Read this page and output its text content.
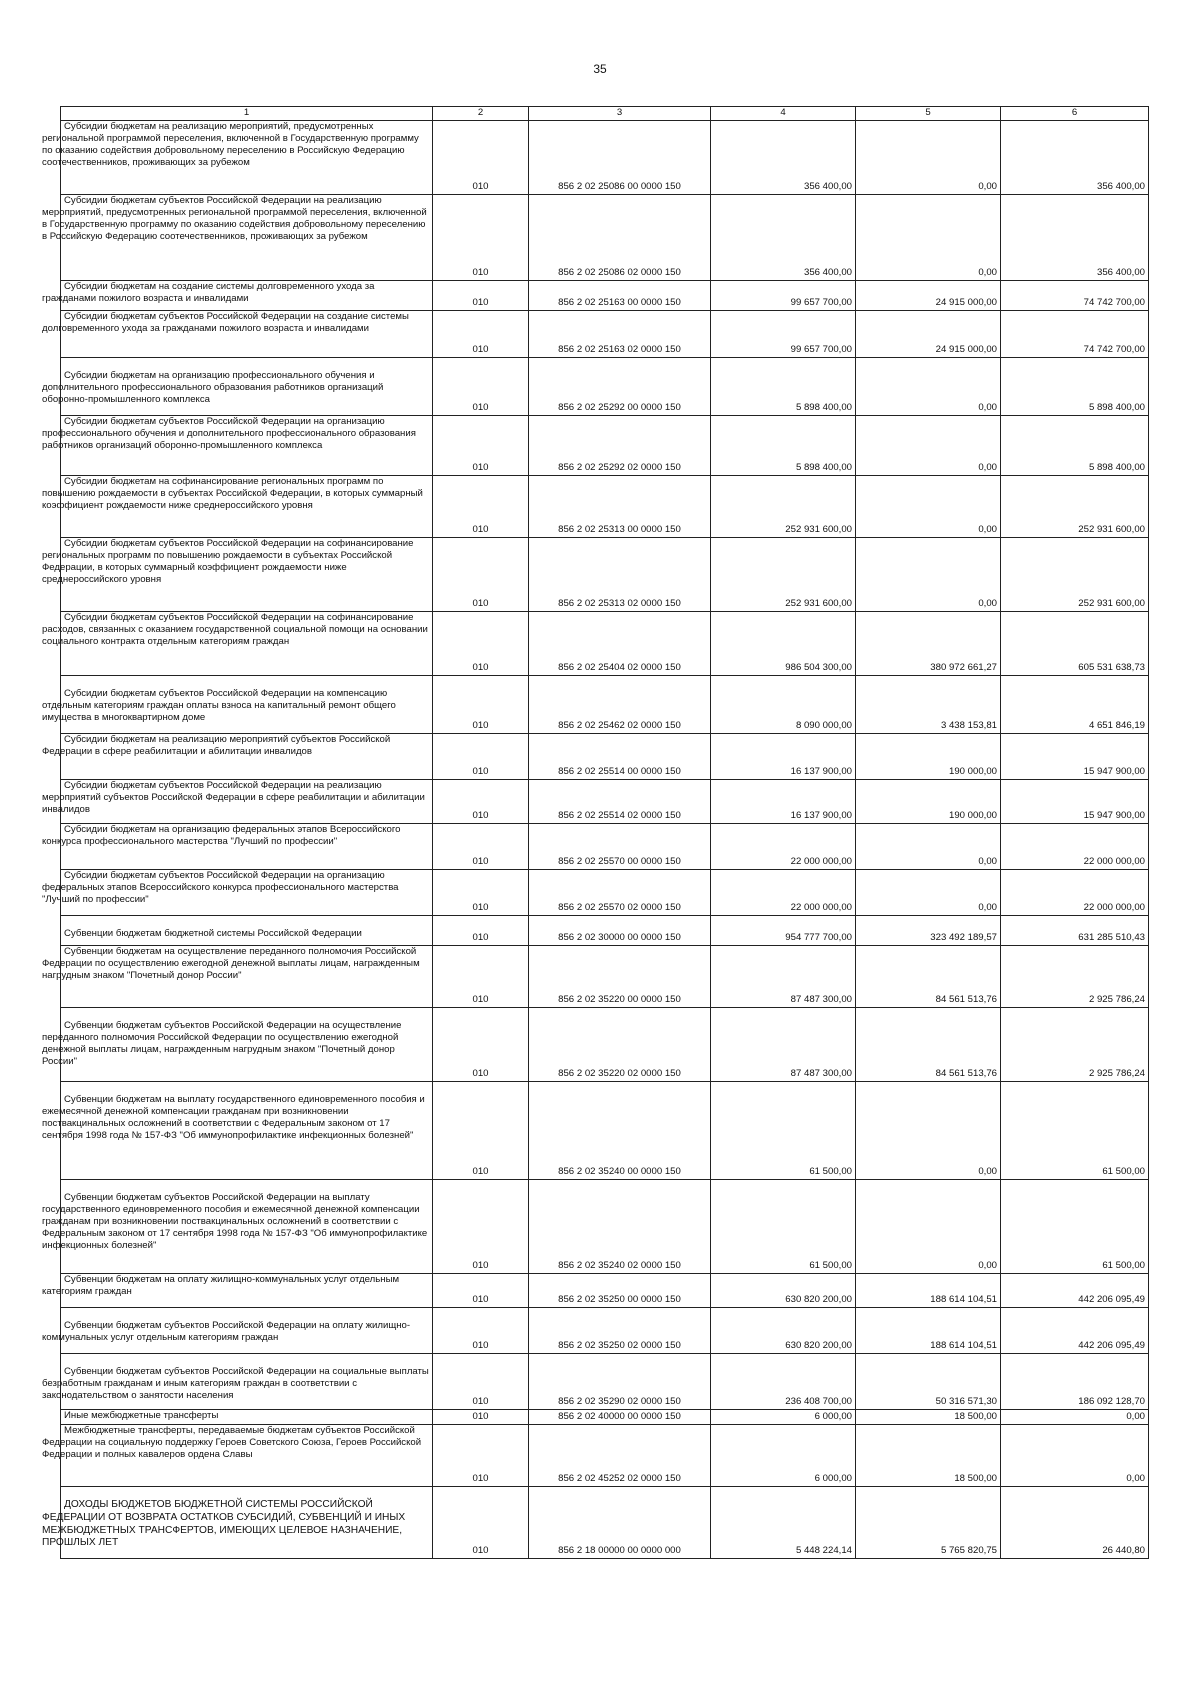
35
1	2	3	4	5	6

Субсидии бюджетам на реализацию мероприятий, предусмотренных региональной программой переселения, включенной в Государственную программу по оказанию содействия добровольному переселению в Российскую Федерацию соотечественников, проживающих за рубежом	010	856 2 02 25086 00 0000 150	356 400,00	0,00	356 400,00

Субсидии бюджетам субъектов Российской Федерации на реализацию мероприятий, предусмотренных региональной программой переселения, включенной в Государственную программу по оказанию содействия добровольному переселению в Российскую Федерацию соотечественников, проживающих за рубежом	010	856 2 02 25086 02 0000 150	356 400,00	0,00	356 400,00

Субсидии бюджетам на создание системы долговременного ухода за гражданами пожилого возраста и инвалидами	010	856 2 02 25163 00 0000 150	99 657 700,00	24 915 000,00	74 742 700,00

Субсидии бюджетам субъектов Российской Федерации на создание системы долговременного ухода за гражданами пожилого возраста и инвалидами	010	856 2 02 25163 02 0000 150	99 657 700,00	24 915 000,00	74 742 700,00

Субсидии бюджетам на организацию профессионального обучения и дополнительного профессионального образования работников организаций оборонно-промышленного комплекса	010	856 2 02 25292 00 0000 150	5 898 400,00	0,00	5 898 400,00

Субсидии бюджетам субъектов Российской Федерации на организацию профессионального обучения и дополнительного профессионального образования работников организаций оборонно-промышленного комплекса	010	856 2 02 25292 02 0000 150	5 898 400,00	0,00	5 898 400,00

Субсидии бюджетам на софинансирование региональных программ по повышению рождаемости в субъектах Российской Федерации, в которых суммарный коэффициент рождаемости ниже среднероссийского уровня	010	856 2 02 25313 00 0000 150	252 931 600,00	0,00	252 931 600,00

Субсидии бюджетам субъектов Российской Федерации на софинансирование региональных программ по повышению рождаемости в субъектах Российской Федерации, в которых суммарный коэффициент рождаемости ниже среднероссийского уровня	010	856 2 02 25313 02 0000 150	252 931 600,00	0,00	252 931 600,00

Субсидии бюджетам субъектов Российской Федерации на софинансирование расходов, связанных с оказанием государственной социальной помощи на основании социального контракта отдельным категориям граждан	010	856 2 02 25404 02 0000 150	986 504 300,00	380 972 661,27	605 531 638,73

Субсидии бюджетам субъектов Российской Федерации на компенсацию отдельным категориям граждан оплаты взноса на капитальный ремонт общего имущества в многоквартирном доме	010	856 2 02 25462 02 0000 150	8 090 000,00	3 438 153,81	4 651 846,19

Субсидии бюджетам на реализацию мероприятий субъектов Российской Федерации в сфере реабилитации и абилитации инвалидов	010	856 2 02 25514 00 0000 150	16 137 900,00	190 000,00	15 947 900,00

Субсидии бюджетам субъектов Российской Федерации на реализацию мероприятий субъектов Российской Федерации в сфере реабилитации и абилитации инвалидов	010	856 2 02 25514 02 0000 150	16 137 900,00	190 000,00	15 947 900,00

Субсидии бюджетам на организацию федеральных этапов Всероссийского конкурса профессионального мастерства "Лучший по профессии"	010	856 2 02 25570 00 0000 150	22 000 000,00	0,00	22 000 000,00

Субсидии бюджетам субъектов Российской Федерации на организацию федеральных этапов Всероссийского конкурса профессионального мастерства "Лучший по профессии"	010	856 2 02 25570 02 0000 150	22 000 000,00	0,00	22 000 000,00

Субвенции бюджетам бюджетной системы Российской Федерации	010	856 2 02 30000 00 0000 150	954 777 700,00	323 492 189,57	631 285 510,43

Субвенции бюджетам на осуществление переданного полномочия Российской Федерации по осуществлению ежегодной денежной выплаты лицам, награжденным нагрудным знаком "Почетный донор России"	010	856 2 02 35220 00 0000 150	87 487 300,00	84 561 513,76	2 925 786,24

Субвенции бюджетам субъектов Российской Федерации на осуществление переданного полномочия Российской Федерации по осуществлению ежегодной денежной выплаты лицам, награжденным нагрудным знаком "Почетный донор России"	010	856 2 02 35220 02 0000 150	87 487 300,00	84 561 513,76	2 925 786,24

Субвенции бюджетам на выплату государственного единовременного пособия и ежемесячной денежной компенсации гражданам при возникновении поствакцинальных осложнений в соответствии с Федеральным законом от 17 сентября 1998 года № 157-ФЗ "Об иммунопрофилактике инфекционных болезней"	010	856 2 02 35240 00 0000 150	61 500,00	0,00	61 500,00

Субвенции бюджетам субъектов Российской Федерации на выплату государственного единовременного пособия и ежемесячной денежной компенсации гражданам при возникновении поствакцинальных осложнений в соответствии с Федеральным законом от 17 сентября 1998 года № 157-ФЗ "Об иммунопрофилактике инфекционных болезней"	010	856 2 02 35240 02 0000 150	61 500,00	0,00	61 500,00

Субвенции бюджетам на оплату жилищно-коммунальных услуг отдельным категориям граждан	010	856 2 02 35250 00 0000 150	630 820 200,00	188 614 104,51	442 206 095,49

Субвенции бюджетам субъектов Российской Федерации на оплату жилищно-коммунальных услуг отдельным категориям граждан	010	856 2 02 35250 02 0000 150	630 820 200,00	188 614 104,51	442 206 095,49

Субвенции бюджетам субъектов Российской Федерации на социальные выплаты безработным гражданам и иным категориям граждан в соответствии с законодательством о занятости населения	010	856 2 02 35290 02 0000 150	236 408 700,00	50 316 571,30	186 092 128,70

Иные межбюджетные трансферты	010	856 2 02 40000 00 0000 150	6 000,00	18 500,00	0,00

Межбюджетные трансферты, передаваемые бюджетам субъектов Российской Федерации на социальную поддержку Героев Советского Союза, Героев Российской Федерации и полных кавалеров ордена Славы	010	856 2 02 45252 02 0000 150	6 000,00	18 500,00	0,00

ДОХОДЫ БЮДЖЕТОВ БЮДЖЕТНОЙ СИСТЕМЫ РОССИЙСКОЙ ФЕДЕРАЦИИ ОТ ВОЗВРАТА ОСТАТКОВ СУБСИДИЙ, СУБВЕНЦИЙ И ИНЫХ МЕЖБЮДЖЕТНЫХ ТРАНСФЕРТОВ, ИМЕЮЩИХ ЦЕЛЕВОЕ НАЗНАЧЕНИЕ, ПРОШЛЫХ ЛЕТ	010	856 2 18 00000 00 0000 000	5 448 224,14	5 765 820,75	26 440,80
